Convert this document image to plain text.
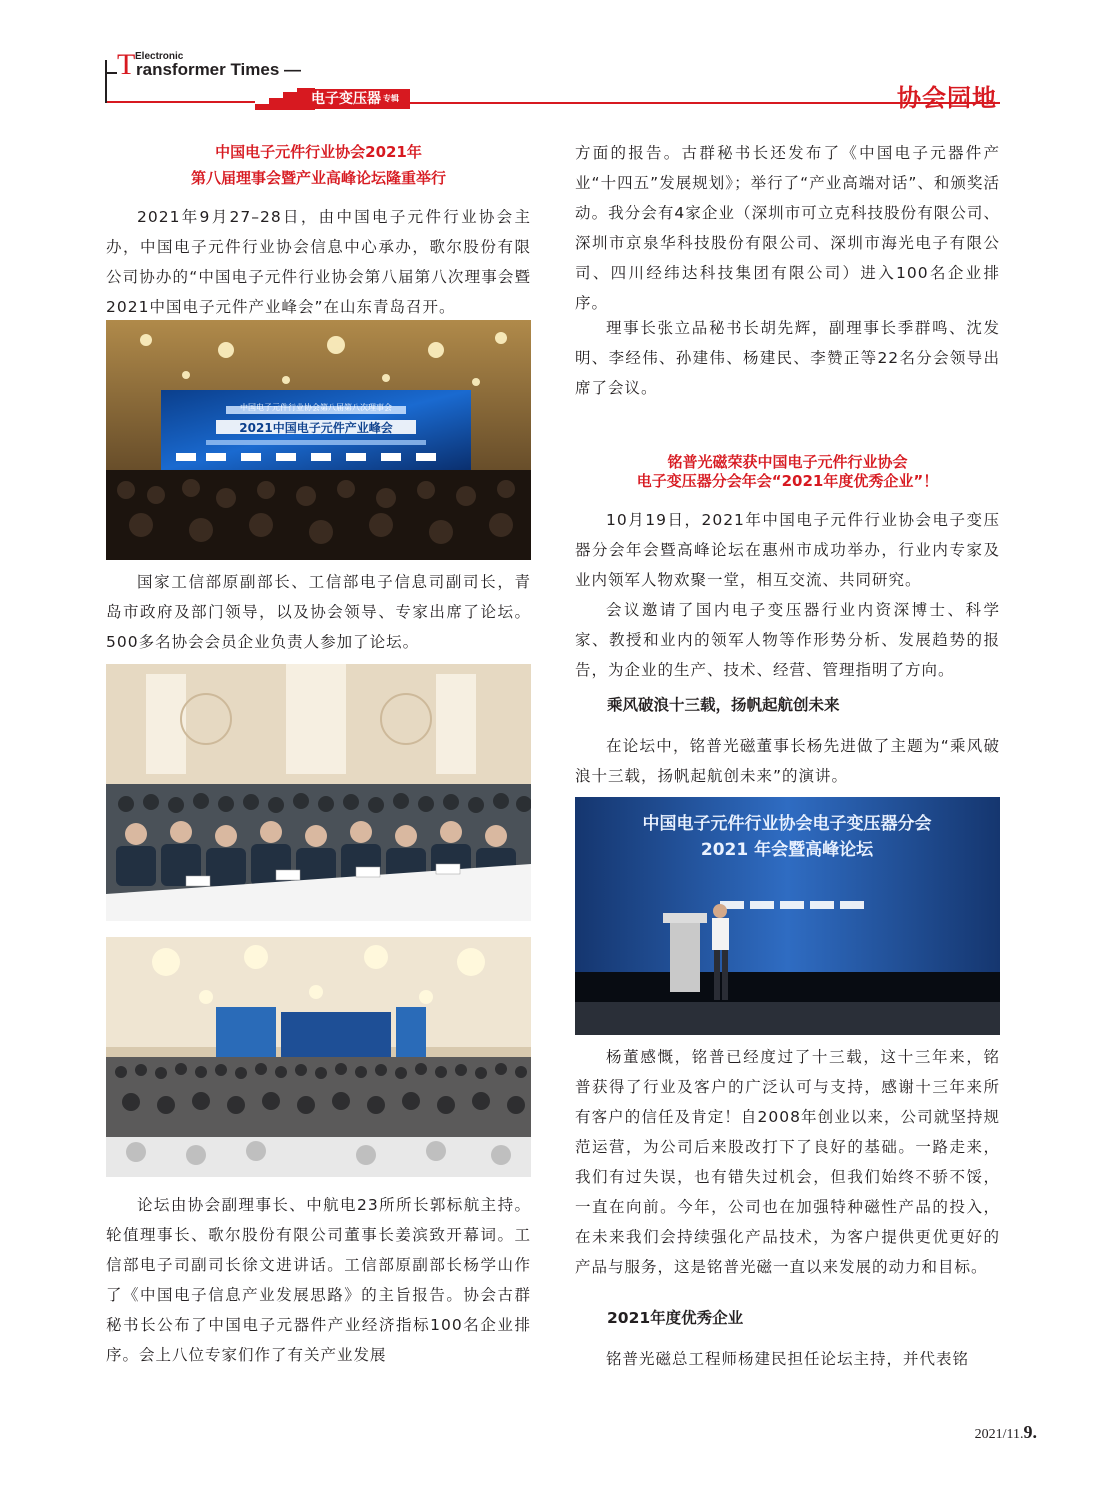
Electronic
T ransformer Times —
电子变压器 $^{专辑}$	协会园地
中国电子元件行业协会2021年
第八届理事会暨产业高峰论坛隆重举行

2021年9月27–28日，由中国电子元件行业协会主办，中国电子元件行业协会信息中心承办，歌尔股份有限公司协办的“中国电子元件行业协会第八届第八次理事会暨2021中国电子元件产业峰会”在山东青岛召开。

中国电子元件行业协会第八届第八次理事会
2021中国电子元件产业峰会

国家工信部原副部长、工信部电子信息司副司长，青岛市政府及部门领导，以及协会领导、专家出席了论坛。500多名协会会员企业负责人参加了论坛。

论坛由协会副理事长、中航电23所所长郭标航主持。轮值理事长、歌尔股份有限公司董事长姜滨致开幕词。工信部电子司副司长徐文进讲话。工信部原副部长杨学山作了《中国电子信息产业发展思路》的主旨报告。协会古群秘书长公布了中国电子元器件产业经济指标100名企业排序。会上八位专家们作了有关产业发展

方面的报告。古群秘书长还发布了《中国电子元器件产业“十四五”发展规划》；举行了“产业高端对话”、和颁奖活动。我分会有4家企业（深圳市可立克科技股份有限公司、深圳市京泉华科技股份有限公司、深圳市海光电子有限公司、四川经纬达科技集团有限公司）进入100名企业排序。

理事长张立品秘书长胡先辉，副理事长季群鸣、沈发明、李经伟、孙建伟、杨建民、李赞正等22名分会领导出席了会议。

铭普光磁荣获中国电子元件行业协会
电子变压器分会年会“2021年度优秀企业”！

10月19日，2021年中国电子元件行业协会电子变压器分会年会暨高峰论坛在惠州市成功举办，行业内专家及业内领军人物欢聚一堂，相互交流、共同研究。

会议邀请了国内电子变压器行业内资深博士、科学家、教授和业内的领军人物等作形势分析、发展趋势的报告，为企业的生产、技术、经营、管理指明了方向。

乘风破浪十三载，扬帆起航创未来

在论坛中，铭普光磁董事长杨先进做了主题为“乘风破浪十三载，扬帆起航创未来”的演讲。

中国电子元件行业协会电子变压器分会
2021 年会暨高峰论坛

杨董感慨，铭普已经度过了十三载，这十三年来，铭普获得了行业及客户的广泛认可与支持，感谢十三年来所有客户的信任及肯定！自2008年创业以来，公司就坚持规范运营，为公司后来股改打下了良好的基础。一路走来，我们有过失误，也有错失过机会，但我们始终不骄不馁，一直在向前。今年，公司也在加强特种磁性产品的投入，在未来我们会持续强化产品技术，为客户提供更优更好的产品与服务，这是铭普光磁一直以来发展的动力和目标。

2021年度优秀企业

铭普光磁总工程师杨建民担任论坛主持，并代表铭

2021/11.9.
